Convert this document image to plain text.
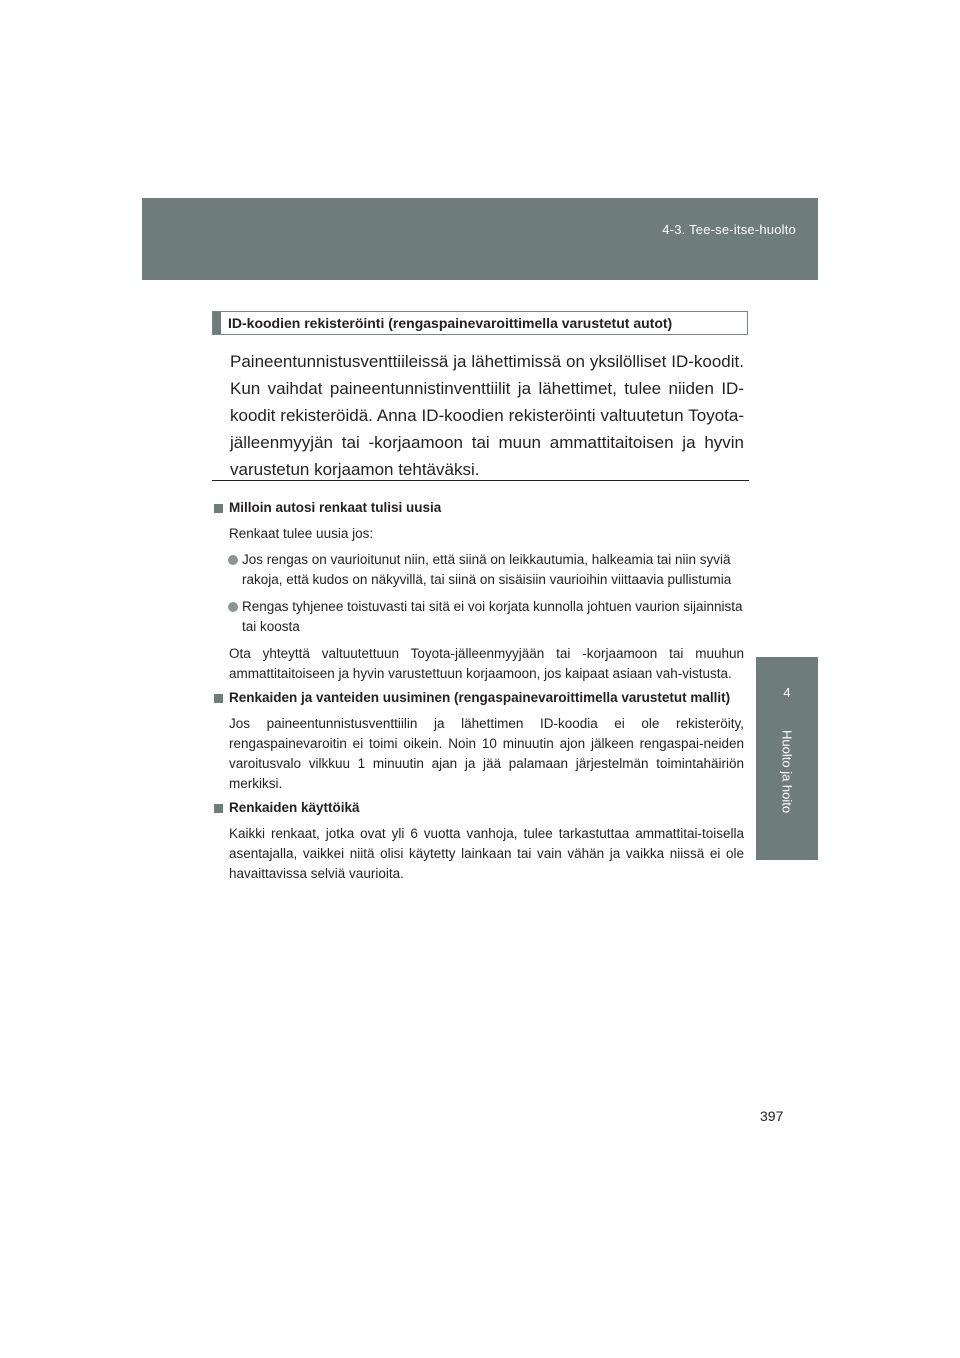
4-3. Tee-se-itse-huolto
4
Huolto ja hoito
ID-koodien rekisteröinti (rengaspainevaroittimella varustetut autot)

Paineentunnistusventtiileissä ja lähettimissä on yksilölliset ID-koodit. Kun vaihdat paineentunnistinventtiilit ja lähettimet, tulee niiden ID-koodit rekisteröidä. Anna ID-koodien rekisteröinti valtuutetun Toyota-jälleenmyyjän tai -korjaamoon tai muun ammattitaitoisen ja hyvin varustetun korjaamon tehtäväksi.

Milloin autosi renkaat tulisi uusia

Renkaat tulee uusia jos:

Jos rengas on vaurioitunut niin, että siinä on leikkautumia, halkeamia tai niin syviä rakoja, että kudos on näkyvillä, tai siinä on sisäisiin vaurioihin viittaavia pullistumia

Rengas tyhjenee toistuvasti tai sitä ei voi korjata kunnolla johtuen vaurion sijainnista tai koosta

Ota yhteyttä valtuutettuun Toyota-jälleenmyyjään tai -korjaamoon tai muuhun ammattitaitoiseen ja hyvin varustettuun korjaamoon, jos kaipaat asiaan vah-vistusta.

Renkaiden ja vanteiden uusiminen (rengaspainevaroittimella varustetut mallit)

Jos paineentunnistusventtiilin ja lähettimen ID-koodia ei ole rekisteröity, rengaspainevaroitin ei toimi oikein. Noin 10 minuutin ajon jälkeen rengaspai-neiden varoitusvalo vilkkuu 1 minuutin ajan ja jää palamaan järjestelmän toimintahäiriön merkiksi.

Renkaiden käyttöikä

Kaikki renkaat, jotka ovat yli 6 vuotta vanhoja, tulee tarkastuttaa ammattitai-toisella asentajalla, vaikkei niitä olisi käytetty lainkaan tai vain vähän ja vaikka niissä ei ole havaittavissa selviä vaurioita.

397
